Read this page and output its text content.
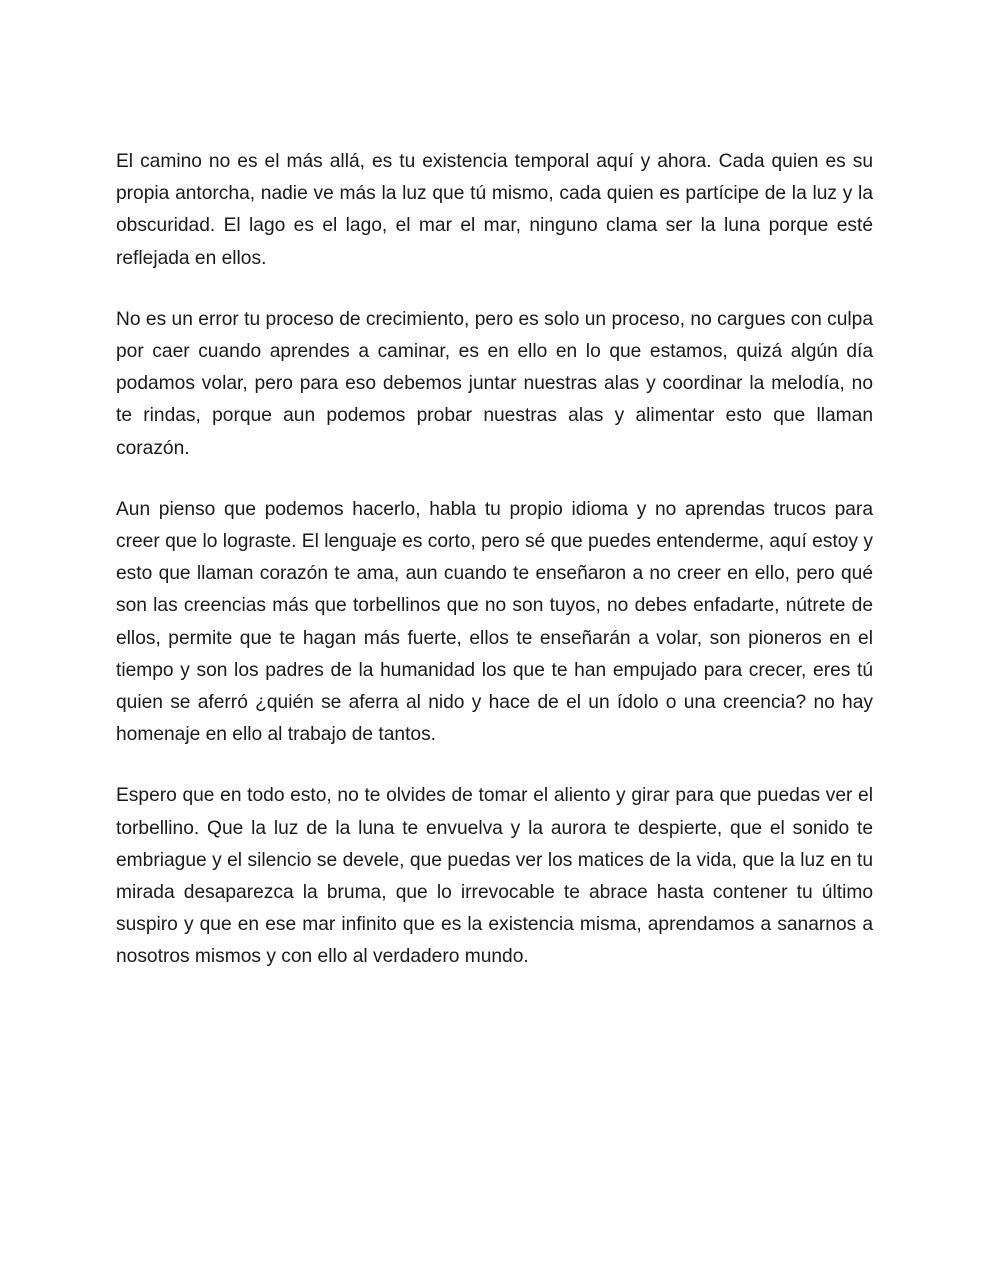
El camino no es el más allá, es tu existencia temporal aquí y ahora. Cada quien es su propia antorcha, nadie ve más la luz que tú mismo, cada quien es partícipe de la luz y la obscuridad. El lago es el lago, el mar el mar, ninguno clama ser la luna porque esté reflejada en ellos.

No es un error tu proceso de crecimiento, pero es solo un proceso, no cargues con culpa por caer cuando aprendes a caminar, es en ello en lo que estamos, quizá algún día podamos volar, pero para eso debemos juntar nuestras alas y coordinar la melodía, no te rindas, porque aun podemos probar nuestras alas y alimentar esto que llaman corazón.

Aun pienso que podemos hacerlo, habla tu propio idioma y no aprendas trucos para creer que lo lograste. El lenguaje es corto, pero sé que puedes entenderme, aquí estoy y esto que llaman corazón te ama, aun cuando te enseñaron a no creer en ello, pero qué son las creencias más que torbellinos que no son tuyos, no debes enfadarte, nútrete de ellos, permite que te hagan más fuerte, ellos te enseñarán a volar, son pioneros en el tiempo y son los padres de la humanidad los que te han empujado para crecer, eres tú quien se aferró ¿quién se aferra al nido y hace de el un ídolo o una creencia? no hay homenaje en ello al trabajo de tantos.

Espero que en todo esto, no te olvides de tomar el aliento y girar para que puedas ver el torbellino. Que la luz de la luna te envuelva y la aurora te despierte, que el sonido te embriague y el silencio se devele, que puedas ver los matices de la vida, que la luz en tu mirada desaparezca la bruma, que lo irrevocable te abrace hasta contener tu último suspiro y que en ese mar infinito que es la existencia misma, aprendamos a sanarnos a nosotros mismos y con ello al verdadero mundo.
